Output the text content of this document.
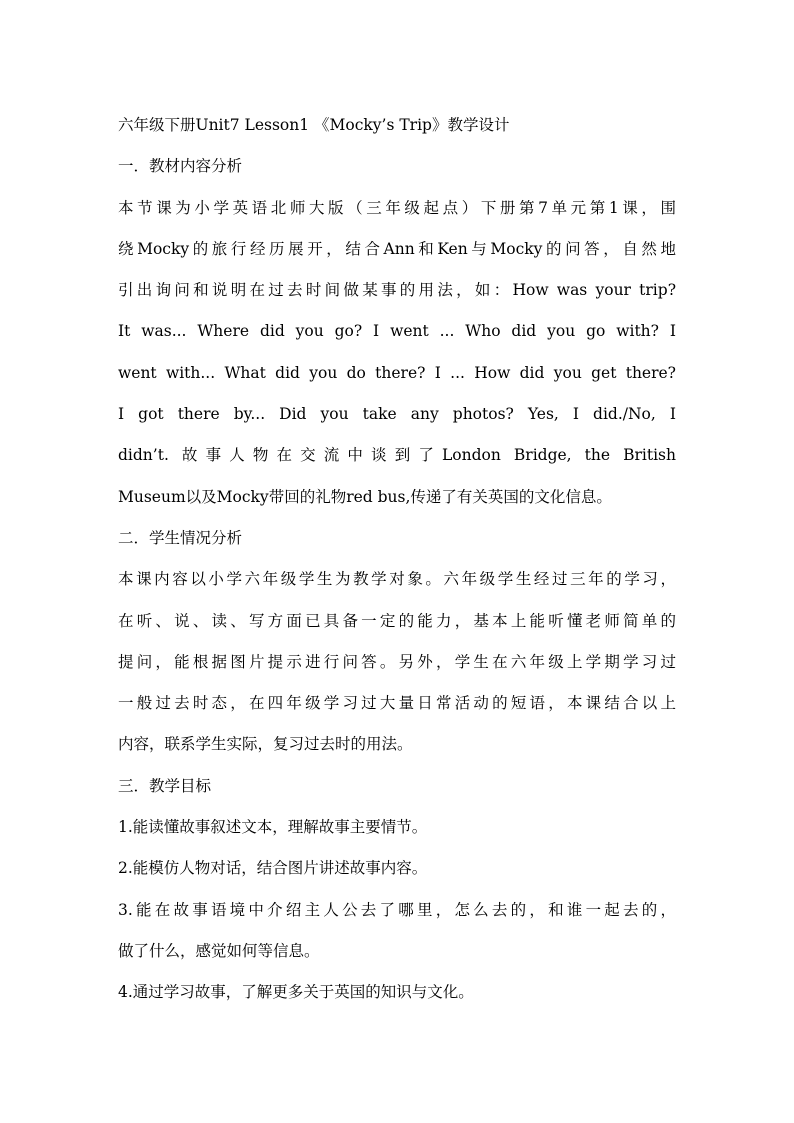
六年级下册Unit7 Lesson1 《Mocky’s Trip》教学设计
一．教材内容分析
本节课为小学英语北师大版（三年级起点）下册第7单元第1课，围
绕Mocky的旅行经历展开，结合Ann和Ken与Mocky的问答，自然地
引出询问和说明在过去时间做某事的用法，如：How was your trip?
It was... Where did you go? I went ... Who did you go with? I
went with... What did you do there? I ... How did you get there?
I got there by... Did you take any photos? Yes, I did./No, I
didn’t. 故事人物在交流中谈到了London Bridge, the British
Museum以及Mocky带回的礼物red bus,传递了有关英国的文化信息。
二．学生情况分析
本课内容以小学六年级学生为教学对象。六年级学生经过三年的学习，
在听、说、读、写方面已具备一定的能力，基本上能听懂老师简单的
提问，能根据图片提示进行问答。另外，学生在六年级上学期学习过
一般过去时态，在四年级学习过大量日常活动的短语，本课结合以上
内容，联系学生实际，复习过去时的用法。
三．教学目标
1.能读懂故事叙述文本，理解故事主要情节。
2.能模仿人物对话，结合图片讲述故事内容。
3.能在故事语境中介绍主人公去了哪里，怎么去的，和谁一起去的，
做了什么，感觉如何等信息。
4.通过学习故事，了解更多关于英国的知识与文化。
